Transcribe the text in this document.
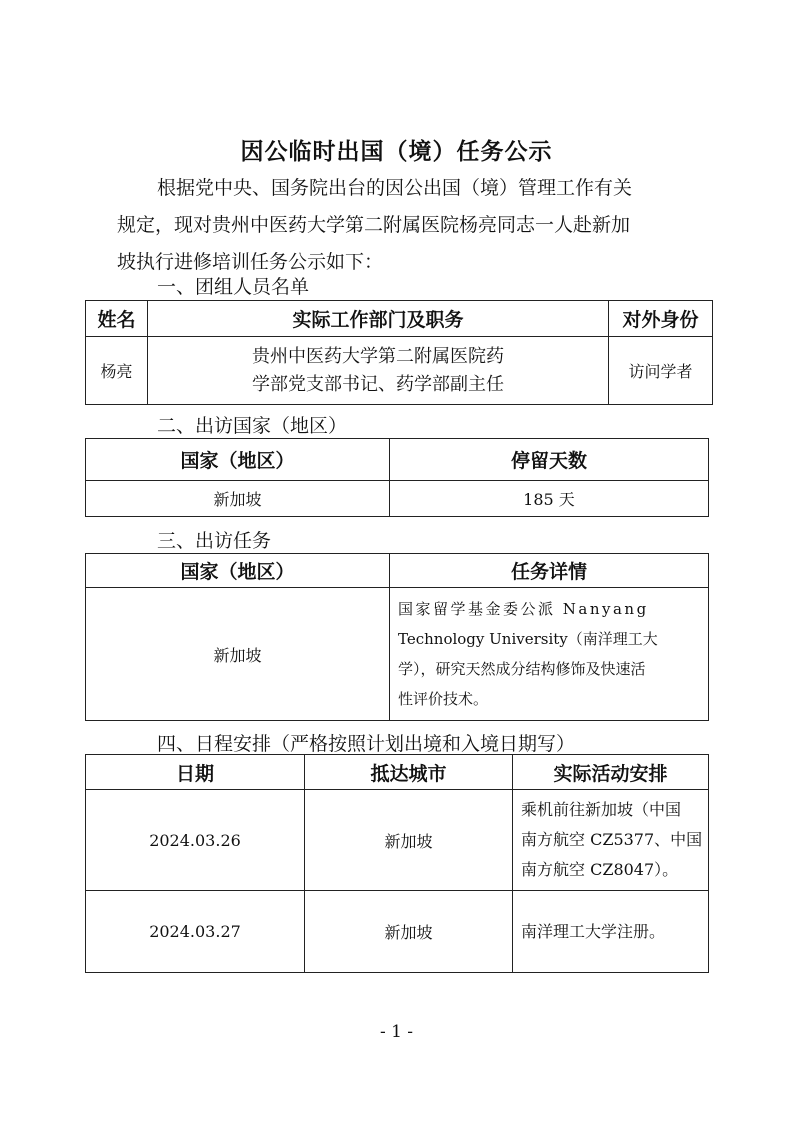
因公临时出国（境）任务公示
根据党中央、国务院出台的因公出国（境）管理工作有关
规定，现对贵州中医药大学第二附属医院杨亮同志一人赴新加
坡执行进修培训任务公示如下：
一、团组人员名单
姓名	实际工作部门及职务	对外身份
杨亮	贵州中医药大学第二附属医院药
学部党支部书记、药学部副主任	访问学者
二、出访国家（地区）
国家（地区）	停留天数
新加坡	185 天
三、出访任务
国家（地区）	任务详情
新加坡	国家留学基金委公派 Nanyang
Technology University（南洋理工大
学），研究天然成分结构修饰及快速活
性评价技术。
四、日程安排（严格按照计划出境和入境日期写）
日期	抵达城市	实际活动安排
2024.03.26	新加坡	乘机前往新加坡（中国
南方航空 CZ5377、中国
南方航空 CZ8047）。

2024.03.27	新加坡	南洋理工大学注册。
- 1 -
